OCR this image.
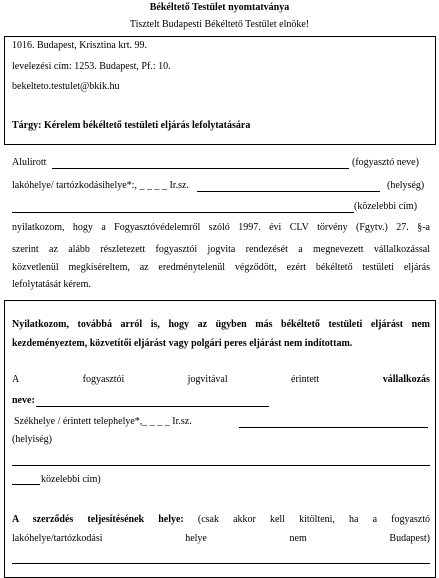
Békéltető Testület nyomtatványa
Tisztelt Budapesti Békéltető Testület elnöke!
1016. Budapest, Krisztina krt. 99.
levelezési cím: 1253. Budapest, Pf.: 10.
bekelteto.testulet@bkik.hu
Tárgy: Kérelem békéltető testületi eljárás lefolytatására
Alulírott	(fogyasztó neve)
lakóhelye/ tartózkodásihelye*:, _ _ _ _ Ir.sz.	(helység)
(közelebbi cím)
nyilatkozom, hogy a Fogyasztóvédelemről szóló 1997. évi CLV törvény (Fgytv.) 27. §-a
szerint az alább részletezett fogyasztói jogvita rendezését a megnevezett vállalkozással
közvetlenül megkíséreltem, az eredménytelenül végződött, ezért békéltető testületi eljárás
lefolytatását kérem.
Nyilatkozom, továbbá arról is, hogy az ügyben más békéltető testületi eljárást nem
kezdeményeztem, közvetítői eljárást vagy polgári peres eljárást nem indítottam.
A	fogyasztói	jogvitával	érintett	vállalkozás
neve:
Székhelye / érintett telephelye*,_ _ _ _ Ir.sz.
(helyiség)
közelebbi cím)
A szerződés teljesítésének helye: (csak akkor kell kitölteni, ha a fogyasztó
lakóhelye/tartózkodási	helye	nem	Budapest)
